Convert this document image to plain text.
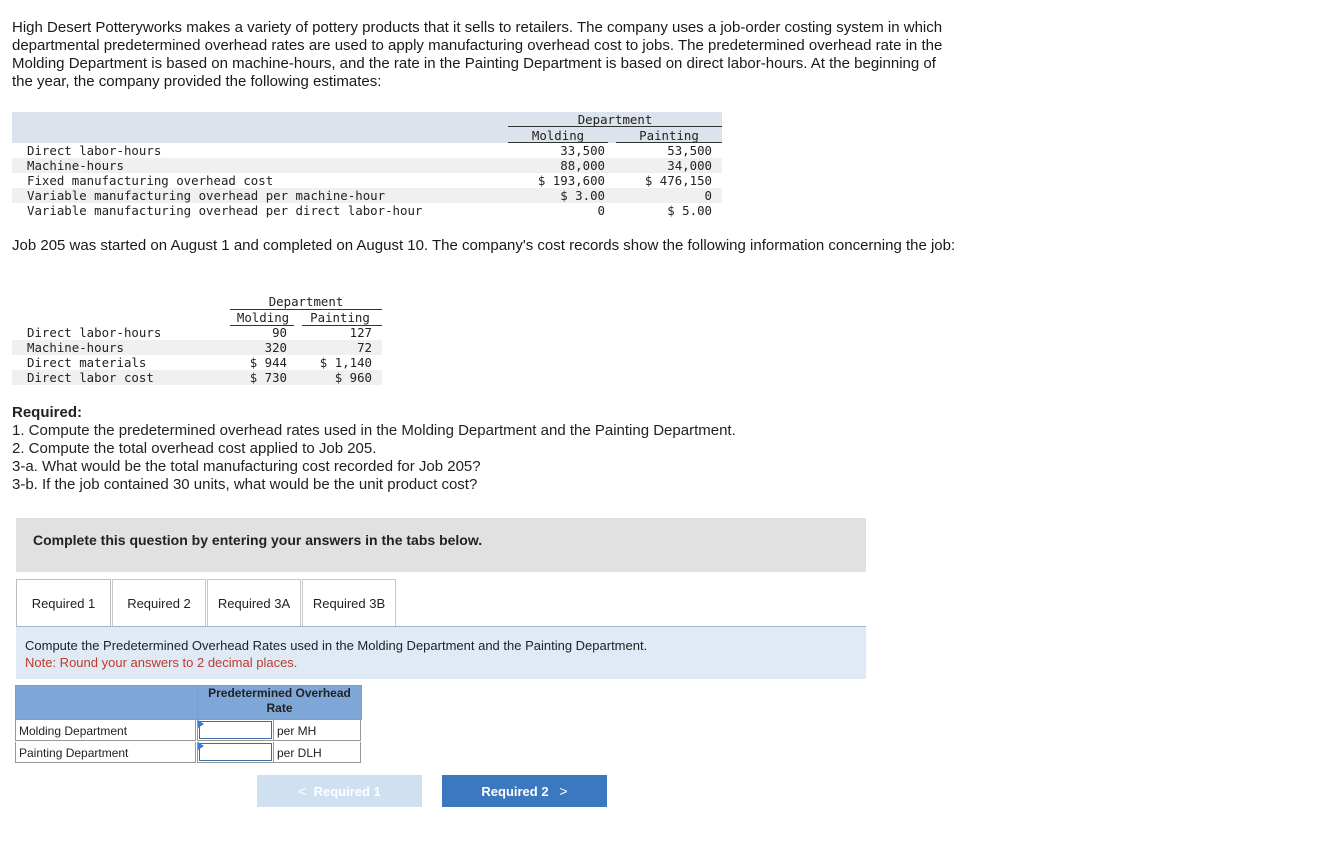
High Desert Potteryworks makes a variety of pottery products that it sells to retailers. The company uses a job-order costing system in which departmental predetermined overhead rates are used to apply manufacturing overhead cost to jobs. The predetermined overhead rate in the Molding Department is based on machine-hours, and the rate in the Painting Department is based on direct labor-hours. At the beginning of the year, the company provided the following estimates:
Department
Molding	Painting
Direct labor-hours	33,500	53,500
Machine-hours	88,000	34,000
Fixed manufacturing overhead cost	$ 193,600	$ 476,150
Variable manufacturing overhead per machine-hour	$ 3.00	0
Variable manufacturing overhead per direct labor-hour	0	$ 5.00
Job 205 was started on August 1 and completed on August 10. The company's cost records show the following information concerning the job:
Department
Molding	Painting
Direct labor-hours	90	127
Machine-hours	320	72
Direct materials	$ 944	$ 1,140
Direct labor cost	$ 730	$ 960
Required:
1. Compute the predetermined overhead rates used in the Molding Department and the Painting Department.
2. Compute the total overhead cost applied to Job 205.
3-a. What would be the total manufacturing cost recorded for Job 205?
3-b. If the job contained 30 units, what would be the unit product cost?
Complete this question by entering your answers in the tabs below.
Required 1	Required 2	Required 3A	Required 3B
Compute the Predetermined Overhead Rates used in the Molding Department and the Painting Department.
Note: Round your answers to 2 decimal places.
Predetermined Overhead Rate
Molding Department	per MH
Painting Department	per DLH
< Required 1	Required 2 >
